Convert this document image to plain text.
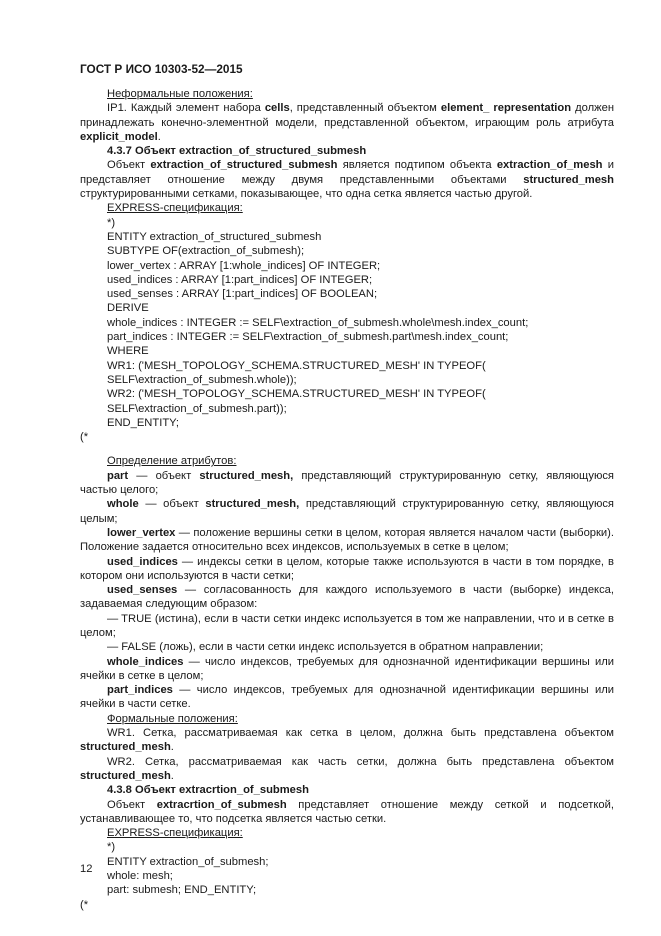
ГОСТ Р ИСО 10303-52—2015

Неформальные положения:

IP1. Каждый элемент набора cells, представленный объектом element_ representation должен принадлежать конечно-элементной модели, представленной объектом, играющим роль атрибута explicit_model.

4.3.7 Объект extraction_of_structured_submesh

Объект extraction_of_structured_submesh является подтипом объекта extraction_of_mesh и представляет отношение между двумя представленными объектами structured_mesh структурированными сетками, показывающее, что одна сетка является частью другой.

EXPRESS-спецификация:

*)

ENTITY extraction_of_structured_submesh

SUBTYPE OF(extraction_of_submesh);

lower_vertex : ARRAY [1:whole_indices] OF INTEGER;

used_indices : ARRAY [1:part_indices] OF INTEGER;

used_senses : ARRAY [1:part_indices] OF BOOLEAN;

DERIVE

whole_indices : INTEGER := SELF\extraction_of_submesh.whole\mesh.index_count;

part_indices : INTEGER := SELF\extraction_of_submesh.part\mesh.index_count;

WHERE

WR1: ('MESH_TOPOLOGY_SCHEMA.STRUCTURED_MESH' IN TYPEOF(

SELF\extraction_of_submesh.whole));

WR2: ('MESH_TOPOLOGY_SCHEMA.STRUCTURED_MESH' IN TYPEOF(

SELF\extraction_of_submesh.part));

END_ENTITY;

(*

Определение атрибутов:

part — объект structured_mesh, представляющий структурированную сетку, являющуюся частью целого;

whole — объект structured_mesh, представляющий структурированную сетку, являющуюся целым;

lower_vertex — положение вершины сетки в целом, которая является началом части (выборки). Положение задается относительно всех индексов, используемых в сетке в целом;

used_indices — индексы сетки в целом, которые также используются в части в том порядке, в котором они используются в части сетки;

used_senses — согласованность для каждого используемого в части (выборке) индекса, задаваемая следующим образом:

— TRUE (истина), если в части сетки индекс используется в том же направлении, что и в сетке в целом;

— FALSE (ложь), если в части сетки индекс используется в обратном направлении;

whole_indices — число индексов, требуемых для однозначной идентификации вершины или ячейки в сетке в целом;

part_indices — число индексов, требуемых для однозначной идентификации вершины или ячейки в части сетке.

Формальные положения:

WR1. Сетка, рассматриваемая как сетка в целом, должна быть представлена объектом structured_mesh.

WR2. Сетка, рассматриваемая как часть сетки, должна быть представлена объектом structured_mesh.

4.3.8 Объект extracrtion_of_submesh

Объект extracrtion_of_submesh представляет отношение между сеткой и подсеткой, устанавливающее то, что подсетка является частью сетки.

EXPRESS-спецификация:

*)

ENTITY extraction_of_submesh;

whole: mesh;

part: submesh; END_ENTITY;

(*

12
